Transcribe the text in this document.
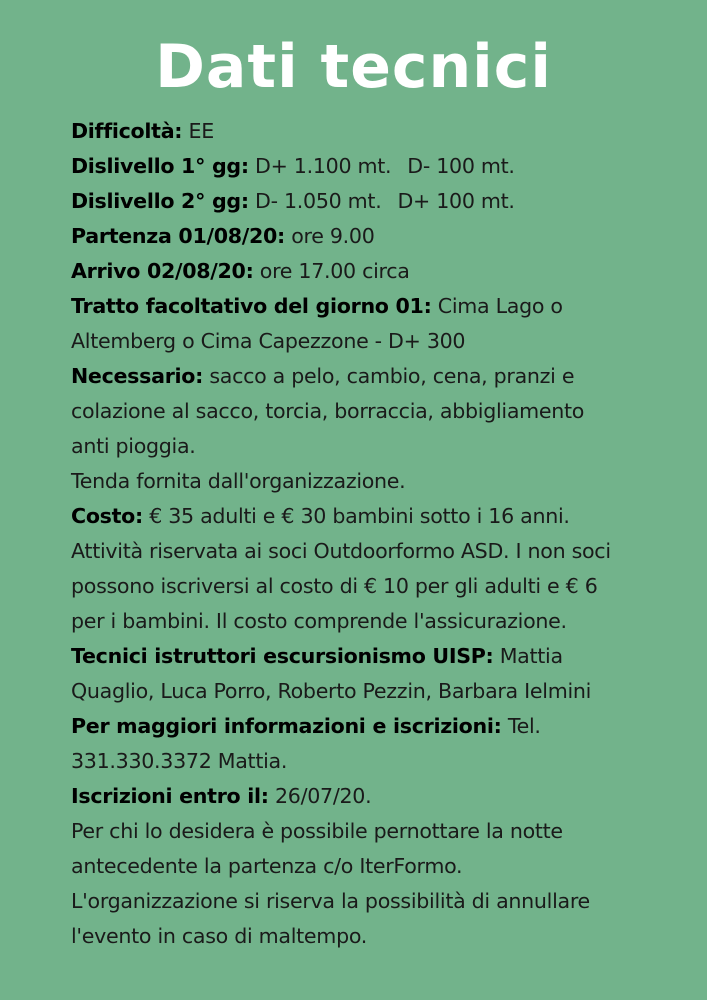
Dati tecnici
Difficoltà: EE
Dislivello 1° gg: D+ 1.100 mt. D- 100 mt.
Dislivello 2° gg: D- 1.050 mt. D+ 100 mt.
Partenza 01/08/20: ore 9.00
Arrivo 02/08/20: ore 17.00 circa
Tratto facoltativo del giorno 01: Cima Lago o
Altemberg o Cima Capezzone - D+ 300
Necessario: sacco a pelo, cambio, cena, pranzi e
colazione al sacco, torcia, borraccia, abbigliamento
anti pioggia.
Tenda fornita dall'organizzazione.
Costo: € 35 adulti e € 30 bambini sotto i 16 anni.
Attività riservata ai soci Outdoorformo ASD. I non soci
possono iscriversi al costo di € 10 per gli adulti e € 6
per i bambini. Il costo comprende l'assicurazione.
Tecnici istruttori escursionismo UISP: Mattia
Quaglio, Luca Porro, Roberto Pezzin, Barbara Ielmini
Per maggiori informazioni e iscrizioni: Tel.
331.330.3372 Mattia.
Iscrizioni entro il: 26/07/20.
Per chi lo desidera è possibile pernottare la notte
antecedente la partenza c/o IterFormo.
L'organizzazione si riserva la possibilità di annullare
l'evento in caso di maltempo.
